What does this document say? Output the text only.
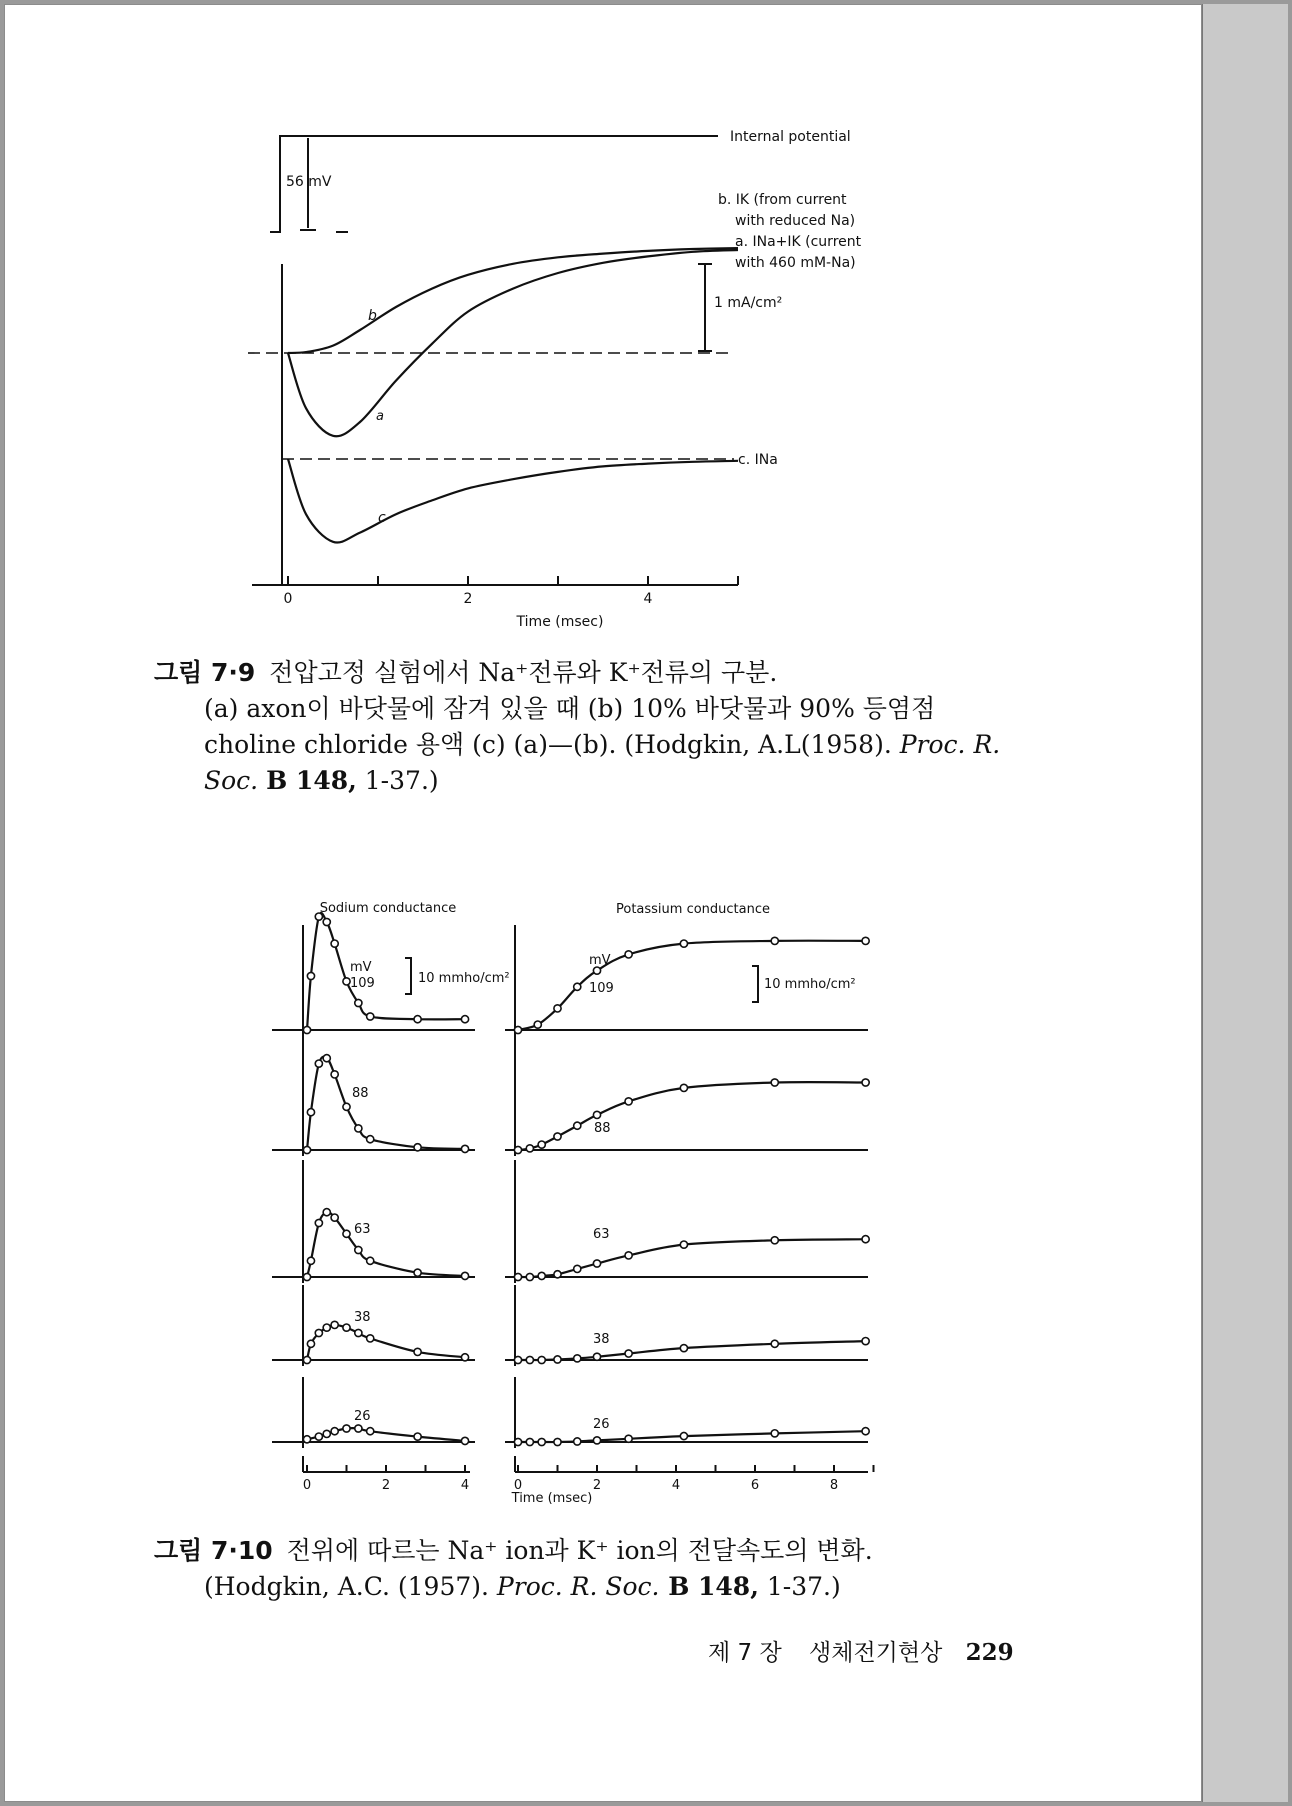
Internal potential
56 mV
b. IK (from current
with reduced Na)
a. INa+IK (current
with 460 mM-Na)
1 mA/cm²
b
a
c
c. INa
0	2	4
Time (msec)
그림 7·9 전압고정 실험에서 Na⁺전류와 K⁺전류의 구분.
(a) axon이 바닷물에 잠겨 있을 때 (b) 10% 바닷물과 90% 등염점
choline chloride 용액 (c) (a)—(b). (Hodgkin, A.L(1958). Proc. R.
Soc. B 148, 1-37.)
Sodium conductance	Potassium conductance
mV	mV
10 mmho/cm²	10 mmho/cm²
109	109
88
88
63	63
38
38
26
26
0	2	4	0	2	4	6	8
Time (msec)
그림 7·10 전위에 따르는 Na⁺ ion과 K⁺ ion의 전달속도의 변화.
(Hodgkin, A.C. (1957). Proc. R. Soc. B 148, 1-37.)
제 7 장 생체전기현상 229
